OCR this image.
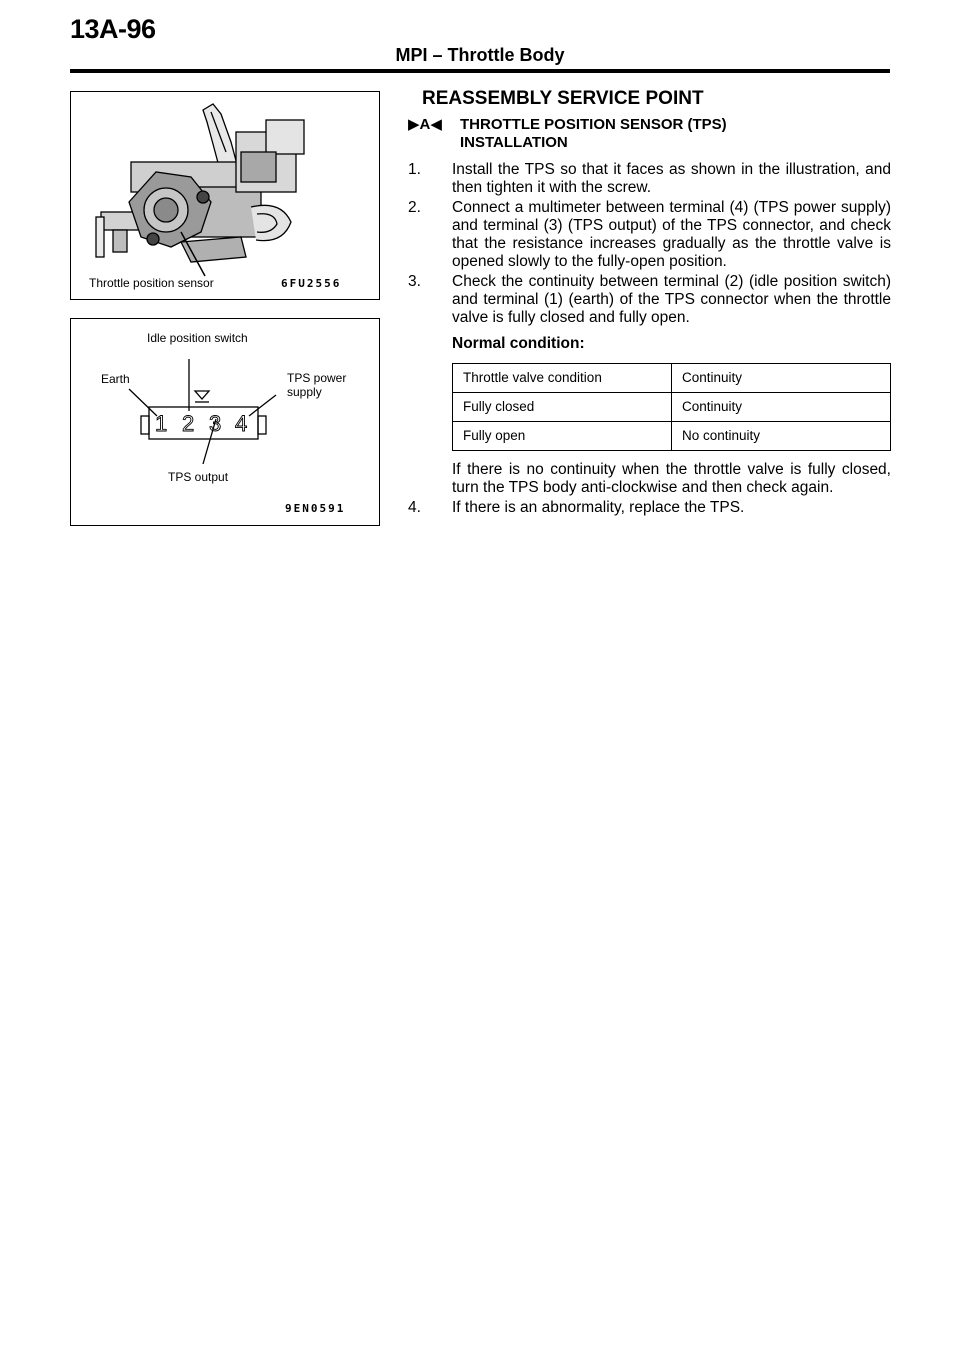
13A-96
MPI – Throttle Body
Throttle position sensor	6FU2556
1 2 3 4
Idle position switch
Earth	TPS power
supply
TPS output
9EN0591
REASSEMBLY SERVICE POINT
▶A◀	THROTTLE POSITION SENSOR (TPS)
INSTALLATION
1.	Install the TPS so that it faces as shown in the illustration, and then tighten it with the screw.
2.	Connect a multimeter between terminal (4) (TPS power supply) and terminal (3) (TPS output) of the TPS connector, and check that the resistance increases gradually as the throttle valve is opened slowly to the fully-open position.
3.	Check the continuity between terminal (2) (idle position switch) and terminal (1) (earth) of the TPS connector when the throttle valve is fully closed and fully open.
Normal condition:
Throttle valve condition	Continuity
Fully closed	Continuity
Fully open	No continuity
If there is no continuity when the throttle valve is fully closed, turn the TPS body anti-clockwise and then check again.
4.	If there is an abnormality, replace the TPS.
